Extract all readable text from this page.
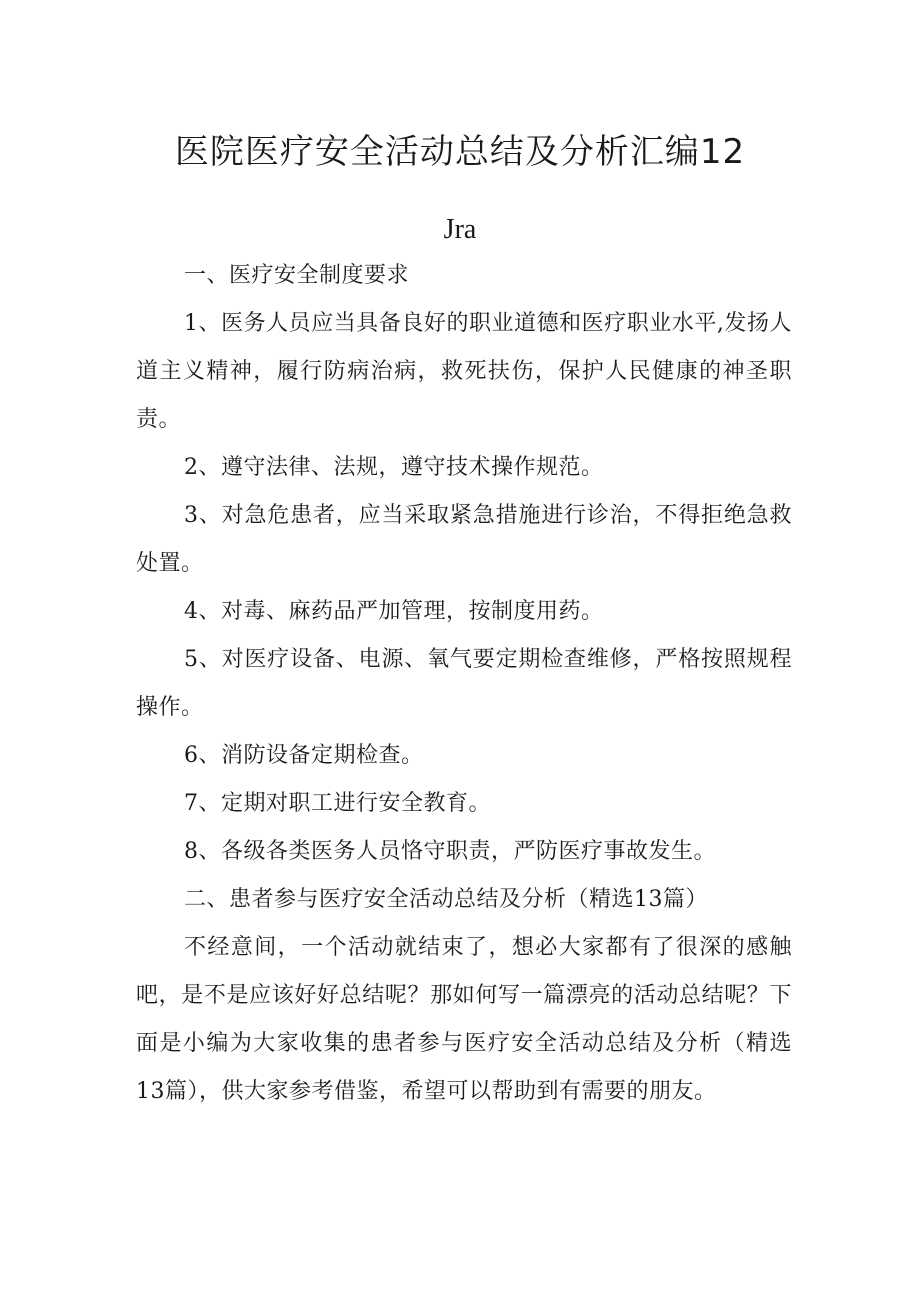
医院医疗安全活动总结及分析汇编12
Jra

一、医疗安全制度要求

1、医务人员应当具备良好的职业道德和医疗职业水平,发扬人道主义精神，履行防病治病，救死扶伤，保护人民健康的神圣职责。

2、遵守法律、法规，遵守技术操作规范。

3、对急危患者，应当采取紧急措施进行诊治，不得拒绝急救处置。

4、对毒、麻药品严加管理，按制度用药。

5、对医疗设备、电源、氧气要定期检查维修，严格按照规程操作。

6、消防设备定期检查。

7、定期对职工进行安全教育。

8、各级各类医务人员恪守职责，严防医疗事故发生。

二、患者参与医疗安全活动总结及分析（精选13篇）

不经意间，一个活动就结束了，想必大家都有了很深的感触吧，是不是应该好好总结呢？那如何写一篇漂亮的活动总结呢？下面是小编为大家收集的患者参与医疗安全活动总结及分析（精选13篇），供大家参考借鉴，希望可以帮助到有需要的朋友。
